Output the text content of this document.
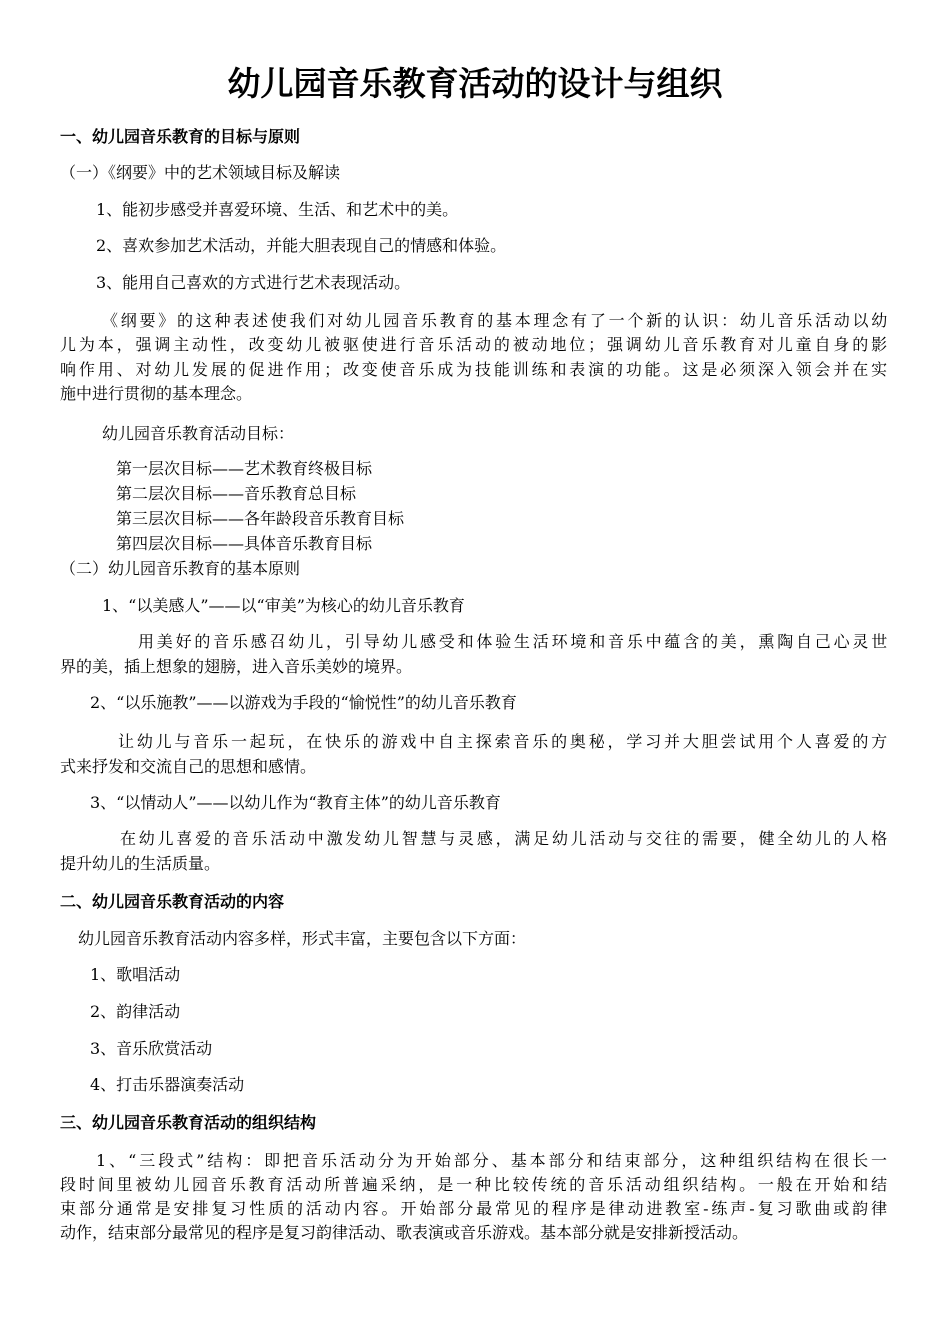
幼儿园音乐教育活动的设计与组织
一、幼儿园音乐教育的目标与原则
（一）《纲要》中的艺术领域目标及解读
1、能初步感受并喜爱环境、生活、和艺术中的美。
2、喜欢参加艺术活动，并能大胆表现自己的情感和体验。
3、能用自己喜欢的方式进行艺术表现活动。
《纲要》的这种表述使我们对幼儿园音乐教育的基本理念有了一个新的认识：幼儿音乐活动以幼
儿为本，强调主动性，改变幼儿被驱使进行音乐活动的被动地位；强调幼儿音乐教育对儿童自身的影
响作用、对幼儿发展的促进作用；改变使音乐成为技能训练和表演的功能。这是必须深入领会并在实
施中进行贯彻的基本理念。
幼儿园音乐教育活动目标：
第一层次目标——艺术教育终极目标
第二层次目标——音乐教育总目标
第三层次目标——各年龄段音乐教育目标
第四层次目标——具体音乐教育目标
（二）幼儿园音乐教育的基本原则
1、“以美感人”——以“审美”为核心的幼儿音乐教育
用美好的音乐感召幼儿，引导幼儿感受和体验生活环境和音乐中蕴含的美，熏陶自己心灵世
界的美，插上想象的翅膀，进入音乐美妙的境界。
2、“以乐施教”——以游戏为手段的“愉悦性”的幼儿音乐教育
让幼儿与音乐一起玩，在快乐的游戏中自主探索音乐的奥秘，学习并大胆尝试用个人喜爱的方
式来抒发和交流自己的思想和感情。
3、“以情动人”——以幼儿作为“教育主体”的幼儿音乐教育
在幼儿喜爱的音乐活动中激发幼儿智慧与灵感，满足幼儿活动与交往的需要，健全幼儿的人格
提升幼儿的生活质量。
二、幼儿园音乐教育活动的内容
幼儿园音乐教育活动内容多样，形式丰富，主要包含以下方面：
1、歌唱活动
2、韵律活动
3、音乐欣赏活动
4、打击乐器演奏活动
三、幼儿园音乐教育活动的组织结构
1、“三段式”结构：即把音乐活动分为开始部分、基本部分和结束部分，这种组织结构在很长一
段时间里被幼儿园音乐教育活动所普遍采纳，是一种比较传统的音乐活动组织结构。一般在开始和结
束部分通常是安排复习性质的活动内容。开始部分最常见的程序是律动进教室-练声-复习歌曲或韵律
动作，结束部分最常见的程序是复习韵律活动、歌表演或音乐游戏。基本部分就是安排新授活动。
